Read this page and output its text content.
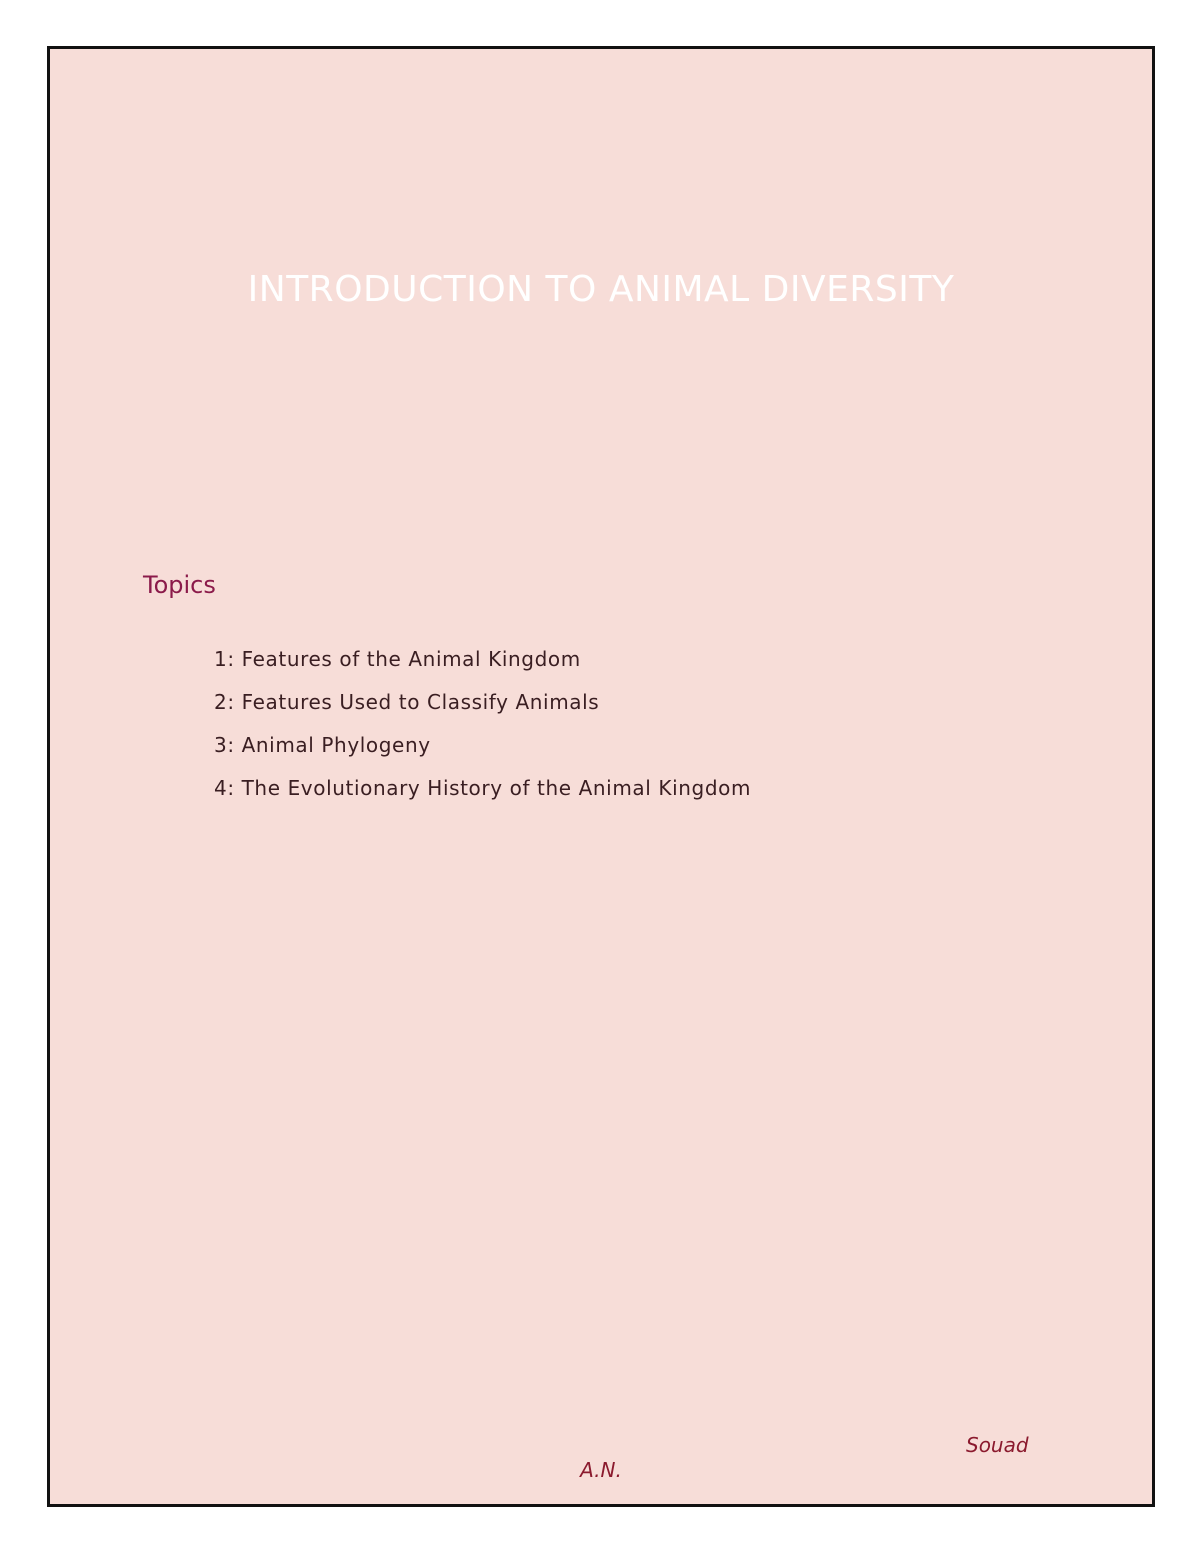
INTRODUCTION TO ANIMAL DIVERSITY
Topics
1: Features of the Animal Kingdom
2: Features Used to Classify Animals
3: Animal Phylogeny
4: The Evolutionary History of the Animal Kingdom
Souad
A.N.
